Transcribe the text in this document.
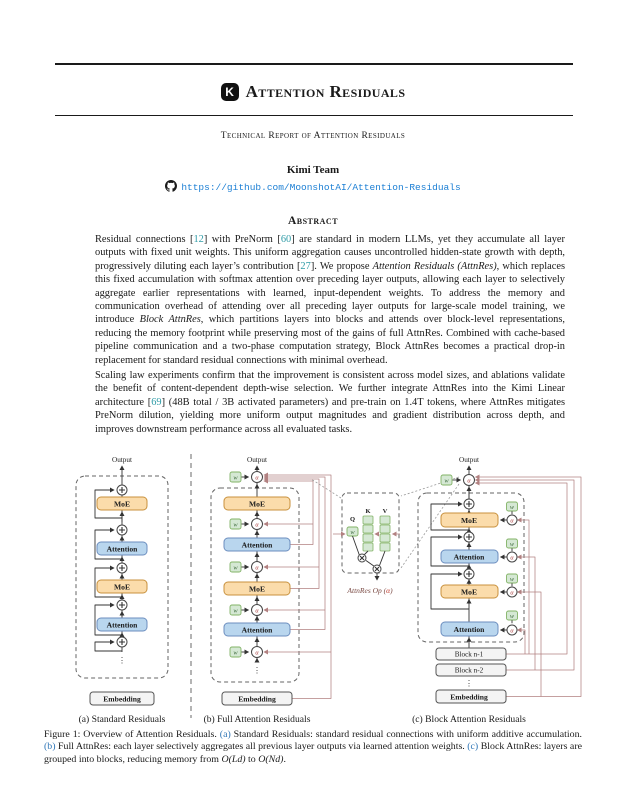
K Attention Residuals
Technical Report of Attention Residuals
Kimi Team
https://github.com/MoonshotAI/Attention-Residuals
Abstract

Residual connections [12] with PreNorm [60] are standard in modern LLMs, yet they accumulate all layer outputs with fixed unit weights. This uniform aggregation causes uncontrolled hidden-state growth with depth, progressively diluting each layer’s contribution [27]. We propose Attention Residuals (AttnRes), which replaces this fixed accumulation with softmax attention over preceding layer outputs, allowing each layer to selectively aggregate earlier representations with learned, input-dependent weights. To address the memory and communication overhead of attending over all preceding layer outputs for large-scale model training, we introduce Block AttnRes, which partitions layers into blocks and attends over block-level representations, reducing the memory footprint while preserving most of the gains of full AttnRes. Combined with cache-based pipeline communication and a two-phase computation strategy, Block AttnRes becomes a practical drop-in replacement for standard residual connections with minimal overhead.

Scaling law experiments confirm that the improvement is consistent across model sizes, and ablations validate the benefit of content-dependent depth-wise selection. We further integrate AttnRes into the Kimi Linear architecture [69] (48B total / 3B activated parameters) and pre-train on 1.4T tokens, where AttnRes mitigates PreNorm dilution, yielding more uniform output magnitudes and gradient distribution across depth, and improves downstream performance across all evaluated tasks.

Output
MoE
Attention
MoE
Attention
⋮
Embedding
(a) Standard Residuals
Output
w
w
w
w
w
α
α
α
α
α
MoE
Attention
MoE
Attention
⋮
Embedding
(b) Full Attention Residuals
Q
w
K V
AttnRes Op (α)
Output
w	α
MoE
Attention
MoE
Attention
w
α
w
α
w
α
w
α
Block n-1
Block n-2
⋮
Embedding
(c) Block Attention Residuals
Figure 1: Overview of Attention Residuals. (a) Standard Residuals: standard residual connections with uniform additive accumulation. (b) Full AttnRes: each layer selectively aggregates all previous layer outputs via learned attention weights. (c) Block AttnRes: layers are grouped into blocks, reducing memory from O(Ld) to O(Nd).
